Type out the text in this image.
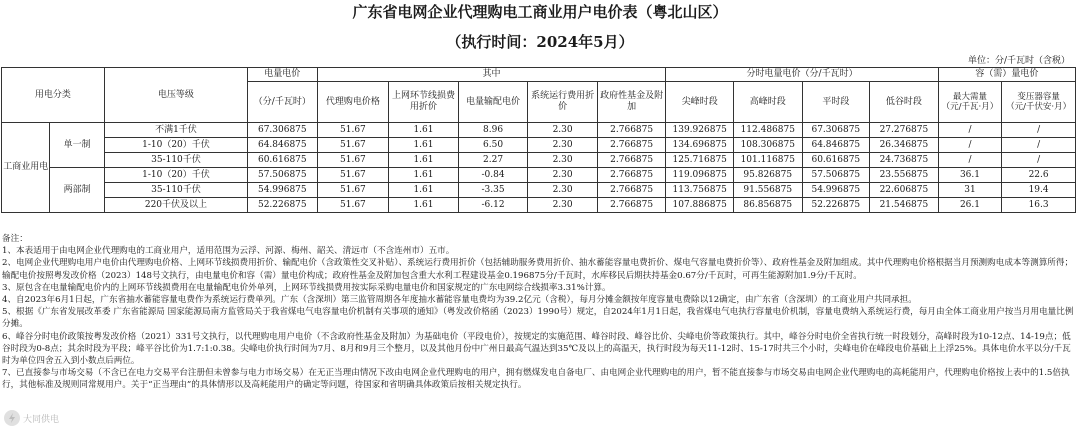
广东省电网企业代理购电工商业用户电价表（粤北山区）
（执行时间：2024年5月）
单位：分/千瓦时（含税）
用电分类		电压等级	电量电价	其中					分时电量电价（分/千瓦时）				容（需）量电价	
			（分/千瓦时）	代理购电价格	上网环节线损费用折价	电量输配电价	系统运行费用折价	政府性基金及附加	尖峰时段	高峰时段	平时段	低谷时段	最大需量
（元/千瓦·月）	变压器容量
（元/千伏安·月）
工商业用电	单一制	不满1千伏	67.306875	51.67	1.61	8.96	2.30	2.766875	139.926875	112.486875	67.306875	27.276875	/	/
		1-10（20）千伏	64.846875	51.67	1.61	6.50	2.30	2.766875	134.696875	108.306875	64.846875	26.346875	/	/
		35-110千伏	60.616875	51.67	1.61	2.27	2.30	2.766875	125.716875	101.116875	60.616875	24.736875	/	/
	两部制	1-10（20）千伏	57.506875	51.67	1.61	-0.84	2.30	2.766875	119.096875	95.826875	57.506875	23.556875	36.1	22.6
		35-110千伏	54.996875	51.67	1.61	-3.35	2.30	2.766875	113.756875	91.556875	54.996875	22.606875	31	19.4
		220千伏及以上	52.226875	51.67	1.61	-6.12	2.30	2.766875	107.886875	86.856875	52.226875	21.546875	26.1	16.3
备注：
1、本表适用于由电网企业代理购电的工商业用户，适用范围为云浮、河源、梅州、韶关、清远市（不含连州市）五市。
2、电网企业代理购电用户电价由代理购电价格、上网环节线损费用折价、输配电价（含政策性交叉补贴）、系统运行费用折价（包括辅助服务费用折价、抽水蓄能容量电费折价、煤电气容量电费折价等）、政府性基金及附加组成。其中代理购电价格根据当月预测购电成本等测算所得；输配电价按照粤发改价格（2023）148号文执行，由电量电价和容（需）量电价构成；政府性基金及附加包含重大水利工程建设基金0.196875分/千瓦时，水库移民后期扶持基金0.67分/千瓦时，可再生能源附加1.9分/千瓦时。
3、原包含在电量输配电价内的上网环节线损费用在电量输配电价外单列，上网环节线损费用按实际采购电量电价和国家规定的广东电网综合线损率3.31%计算。
4、自2023年6月1日起，广东省抽水蓄能容量电费作为系统运行费单列。广东（含深圳）第三监管周期各年度抽水蓄能容量电费均为39.2亿元（含税），每月分摊金额按年度容量电费除以12确定，由广东省（含深圳）的工商业用户共同承担。
5、根据《广东省发展改革委 广东省能源局 国家能源局南方监管局关于我省煤电气电容量电价机制有关事项的通知》（粤发改价格函（2023）1990号）规定，自2024年1月1日起，我省煤电气电执行容量电价机制，容量电费纳入系统运行费，每月由全体工商业用户按当月用电量比例分摊。
6、峰谷分时电价政策按粤发改价格（2021）331号文执行，以代理购电用户电价（不含政府性基金及附加）为基础电价（平段电价），按规定的实施范围、峰谷时段、峰谷比价、尖峰电价等政策执行。其中，峰谷分时电价全省执行统一时段划分，高峰时段为10-12点、14-19点；低谷时段为0-8点；其余时段为平段；峰平谷比价为1.7:1:0.38。尖峰电价执行时间为7月、8月和9月三个整月，以及其他月份中广州日最高气温达到35℃及以上的高温天，执行时段为每天11-12时、15-17时共三个小时，尖峰电价在峰段电价基础上上浮25%。具体电价水平以分/千瓦时为单位四舍五入到小数点后两位。
7、已直接参与市场交易（不含已在电力交易平台注册但未曾参与电力市场交易）在无正当理由情况下改由电网企业代理购电的用户，拥有燃煤发电自备电厂、由电网企业代理购电的用户，暂不能直接参与市场交易由电网企业代理购电的高耗能用户，代理购电价格按上表中的1.5倍执行，其他标准及规则同常规用户。关于“正当理由”的具体情形以及高耗能用户的确定等问题，待国家和省明确具体政策后按相关规定执行。
大同供电
